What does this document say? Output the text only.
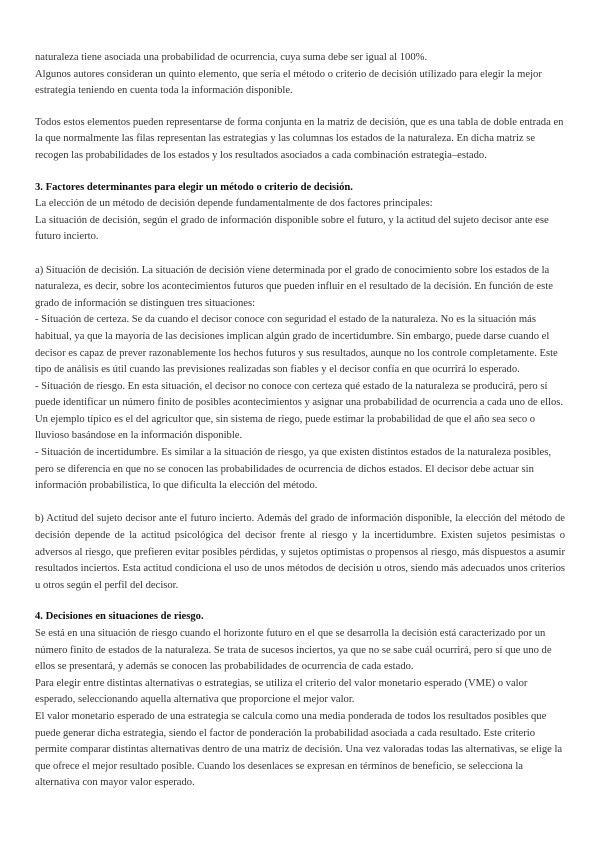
naturaleza tiene asociada una probabilidad de ocurrencia, cuya suma debe ser igual al 100%.

Algunos autores consideran un quinto elemento, que sería el método o criterio de decisión utilizado para elegir la mejor estrategia teniendo en cuenta toda la información disponible.

Todos estos elementos pueden representarse de forma conjunta en la matriz de decisión, que es una tabla de doble entrada en la que normalmente las filas representan las estrategias y las columnas los estados de la naturaleza. En dicha matriz se recogen las probabilidades de los estados y los resultados asociados a cada combinación estrategia–estado.

3. Factores determinantes para elegir un método o criterio de decisión.

La elección de un método de decisión depende fundamentalmente de dos factores principales:

La situación de decisión, según el grado de información disponible sobre el futuro, y la actitud del sujeto decisor ante ese futuro incierto.

a) Situación de decisión. La situación de decisión viene determinada por el grado de conocimiento sobre los estados de la naturaleza, es decir, sobre los acontecimientos futuros que pueden influir en el resultado de la decisión. En función de este grado de información se distinguen tres situaciones:

- Situación de certeza. Se da cuando el decisor conoce con seguridad el estado de la naturaleza. No es la situación más habitual, ya que la mayoría de las decisiones implican algún grado de incertidumbre. Sin embargo, puede darse cuando el decisor es capaz de prever razonablemente los hechos futuros y sus resultados, aunque no los controle completamente. Este tipo de análisis es útil cuando las previsiones realizadas son fiables y el decisor confía en que ocurrirá lo esperado.

- Situación de riesgo. En esta situación, el decisor no conoce con certeza qué estado de la naturaleza se producirá, pero sí puede identificar un número finito de posibles acontecimientos y asignar una probabilidad de ocurrencia a cada uno de ellos. Un ejemplo típico es el del agricultor que, sin sistema de riego, puede estimar la probabilidad de que el año sea seco o lluvioso basándose en la información disponible.

- Situación de incertidumbre. Es similar a la situación de riesgo, ya que existen distintos estados de la naturaleza posibles, pero se diferencia en que no se conocen las probabilidades de ocurrencia de dichos estados. El decisor debe actuar sin información probabilística, lo que dificulta la elección del método.

b) Actitud del sujeto decisor ante el futuro incierto. Además del grado de información disponible, la elección del método de decisión depende de la actitud psicológica del decisor frente al riesgo y la incertidumbre. Existen sujetos pesimistas o adversos al riesgo, que prefieren evitar posibles pérdidas, y sujetos optimistas o propensos al riesgo, más dispuestos a asumir resultados inciertos. Esta actitud condiciona el uso de unos métodos de decisión u otros, siendo más adecuados unos criterios u otros según el perfil del decisor.

4. Decisiones en situaciones de riesgo.

Se está en una situación de riesgo cuando el horizonte futuro en el que se desarrolla la decisión está caracterizado por un número finito de estados de la naturaleza. Se trata de sucesos inciertos, ya que no se sabe cuál ocurrirá, pero sí que uno de ellos se presentará, y además se conocen las probabilidades de ocurrencia de cada estado.

Para elegir entre distintas alternativas o estrategias, se utiliza el criterio del valor monetario esperado (VME) o valor esperado, seleccionando aquella alternativa que proporcione el mejor valor.

El valor monetario esperado de una estrategia se calcula como una media ponderada de todos los resultados posibles que puede generar dicha estrategia, siendo el factor de ponderación la probabilidad asociada a cada resultado. Este criterio permite comparar distintas alternativas dentro de una matriz de decisión. Una vez valoradas todas las alternativas, se elige la que ofrece el mejor resultado posible. Cuando los desenlaces se expresan en términos de beneficio, se selecciona la alternativa con mayor valor esperado.
